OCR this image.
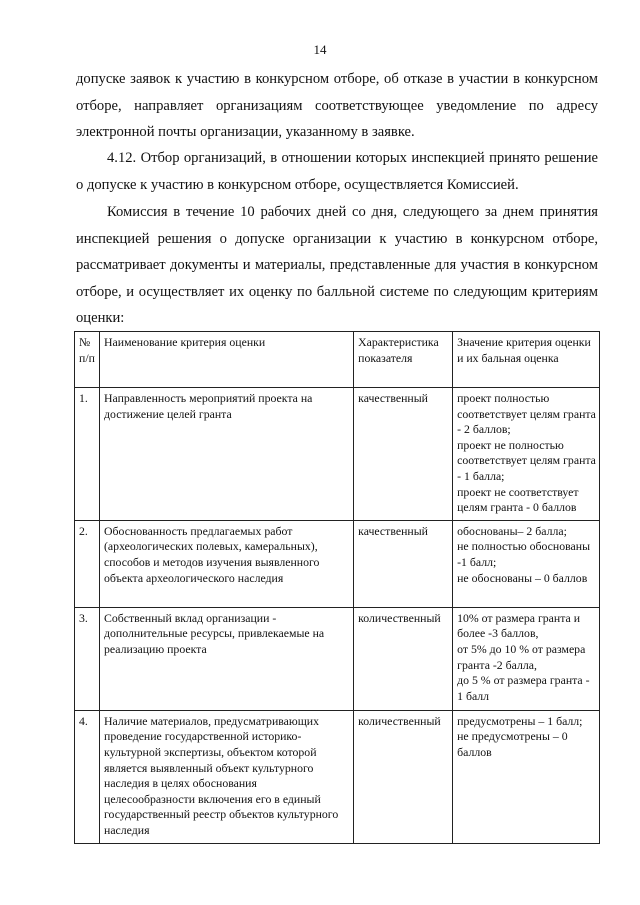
14

допуске заявок к участию в конкурсном отборе, об отказе в участии в конкурсном отборе, направляет организациям соответствующее уведомление по адресу электронной почты организации, указанному в заявке.

4.12. Отбор организаций, в отношении которых инспекцией принято решение о допуске к участию в конкурсном отборе, осуществляется Комиссией.

Комиссия в течение 10 рабочих дней со дня, следующего за днем принятия инспекцией решения о допуске организации к участию в конкурсном отборе, рассматривает документы и материалы, представленные для участия в конкурсном отборе, и осуществляет их оценку по балльной системе по следующим критериям оценки:

№ п/п	Наименование критерия оценки	Характеристика показателя	Значение критерия оценки и их бальная оценка
1.	Направленность мероприятий проекта на достижение целей гранта	качественный	проект полностью соответствует целям гранта - 2 баллов;
проект не полностью соответствует целям гранта - 1 балла;
проект не соответствует целям гранта - 0 баллов

2.	Обоснованность предлагаемых работ (археологических полевых, камеральных), способов и методов изучения выявленного объекта археологического наследия	качественный	обоснованы– 2 балла;
не полностью обоснованы -1 балл;
не обоснованы – 0 баллов

3.	Собственный вклад организации - дополнительные ресурсы, привлекаемые на реализацию проекта	количественный	10% от размера гранта и более -3 баллов,
от 5% до 10 % от размера гранта -2 балла,
до 5 % от размера гранта - 1 балл

4.	Наличие материалов, предусматривающих проведение государственной историко-культурной экспертизы, объектом которой является выявленный объект культурного наследия в целях обоснования целесообразности включения его в единый государственный реестр объектов культурного наследия	количественный	предусмотрены – 1 балл;
не предусмотрены – 0 баллов
